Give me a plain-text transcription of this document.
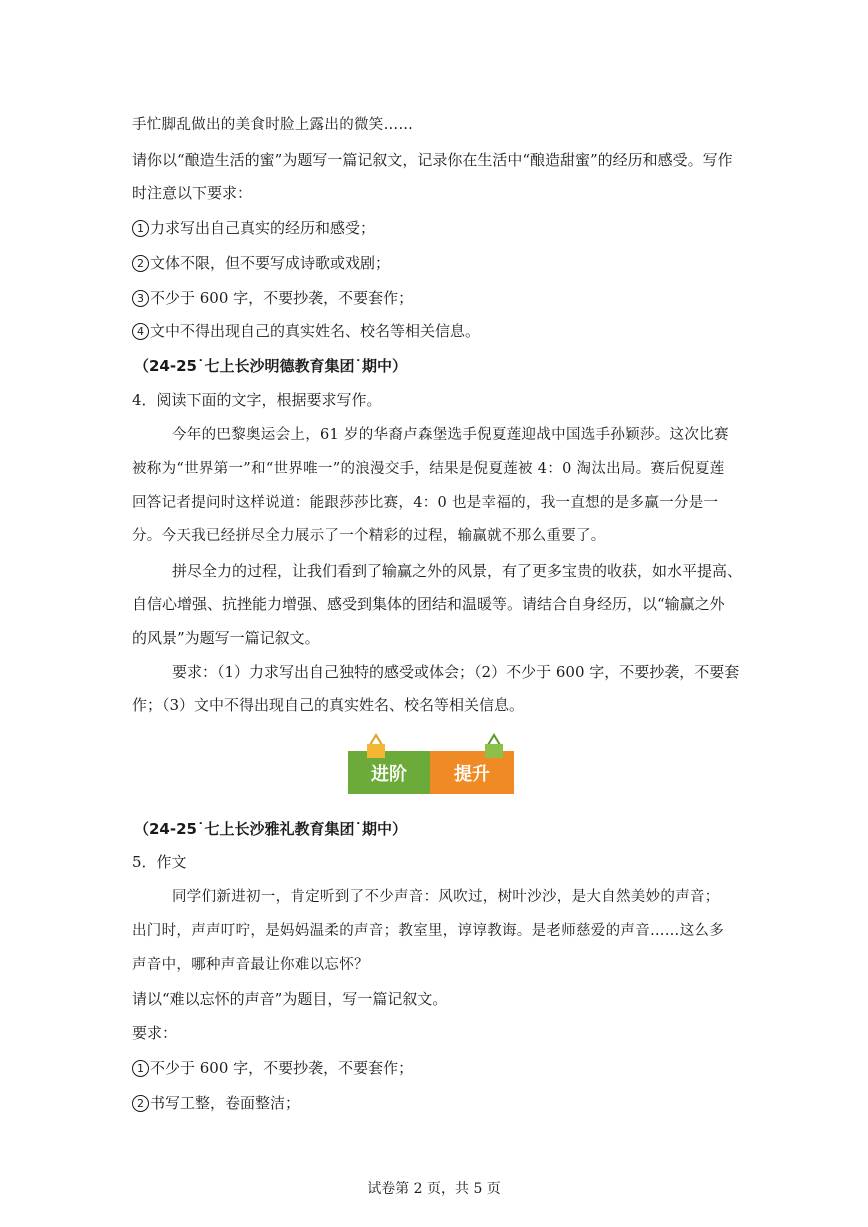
手忙脚乱做出的美食时脸上露出的微笑……
请你以“酿造生活的蜜”为题写一篇记叙文，记录你在生活中“酿造甜蜜”的经历和感受。写作
时注意以下要求：
1 力求写出自己真实的经历和感受；
2 文体不限，但不要写成诗歌或戏剧；
3 不少于 600 字，不要抄袭，不要套作；
4 文中不得出现自己的真实姓名、校名等相关信息。
（24-25˙七上长沙明德教育集团˙期中）
4．阅读下面的文字，根据要求写作。
今年的巴黎奥运会上，61 岁的华裔卢森堡选手倪夏莲迎战中国选手孙颖莎。这次比赛
被称为“世界第一”和“世界唯一”的浪漫交手，结果是倪夏莲被 4：0 淘汰出局。赛后倪夏莲
回答记者提问时这样说道：能跟莎莎比赛，4：0 也是幸福的，我一直想的是多赢一分是一
分。今天我已经拼尽全力展示了一个精彩的过程，输赢就不那么重要了。
拼尽全力的过程，让我们看到了输赢之外的风景，有了更多宝贵的收获，如水平提高、
自信心增强、抗挫能力增强、感受到集体的团结和温暖等。请结合自身经历，以“输赢之外
的风景”为题写一篇记叙文。
要求：（1）力求写出自己独特的感受或体会；（2）不少于 600 字，不要抄袭，不要套
作；（3）文中不得出现自己的真实姓名、校名等相关信息。
进阶	提升
（24-25˙七上长沙雅礼教育集团˙期中）
5．作文
同学们新进初一，肯定听到了不少声音：风吹过，树叶沙沙，是大自然美妙的声音；
出门时，声声叮咛，是妈妈温柔的声音；教室里，谆谆教诲。是老师慈爱的声音……这么多
声音中，哪种声音最让你难以忘怀？
请以“难以忘怀的声音”为题目，写一篇记叙文。
要求：
1 不少于 600 字，不要抄袭，不要套作；
2 书写工整，卷面整洁；
试卷第 2 页，共 5 页
